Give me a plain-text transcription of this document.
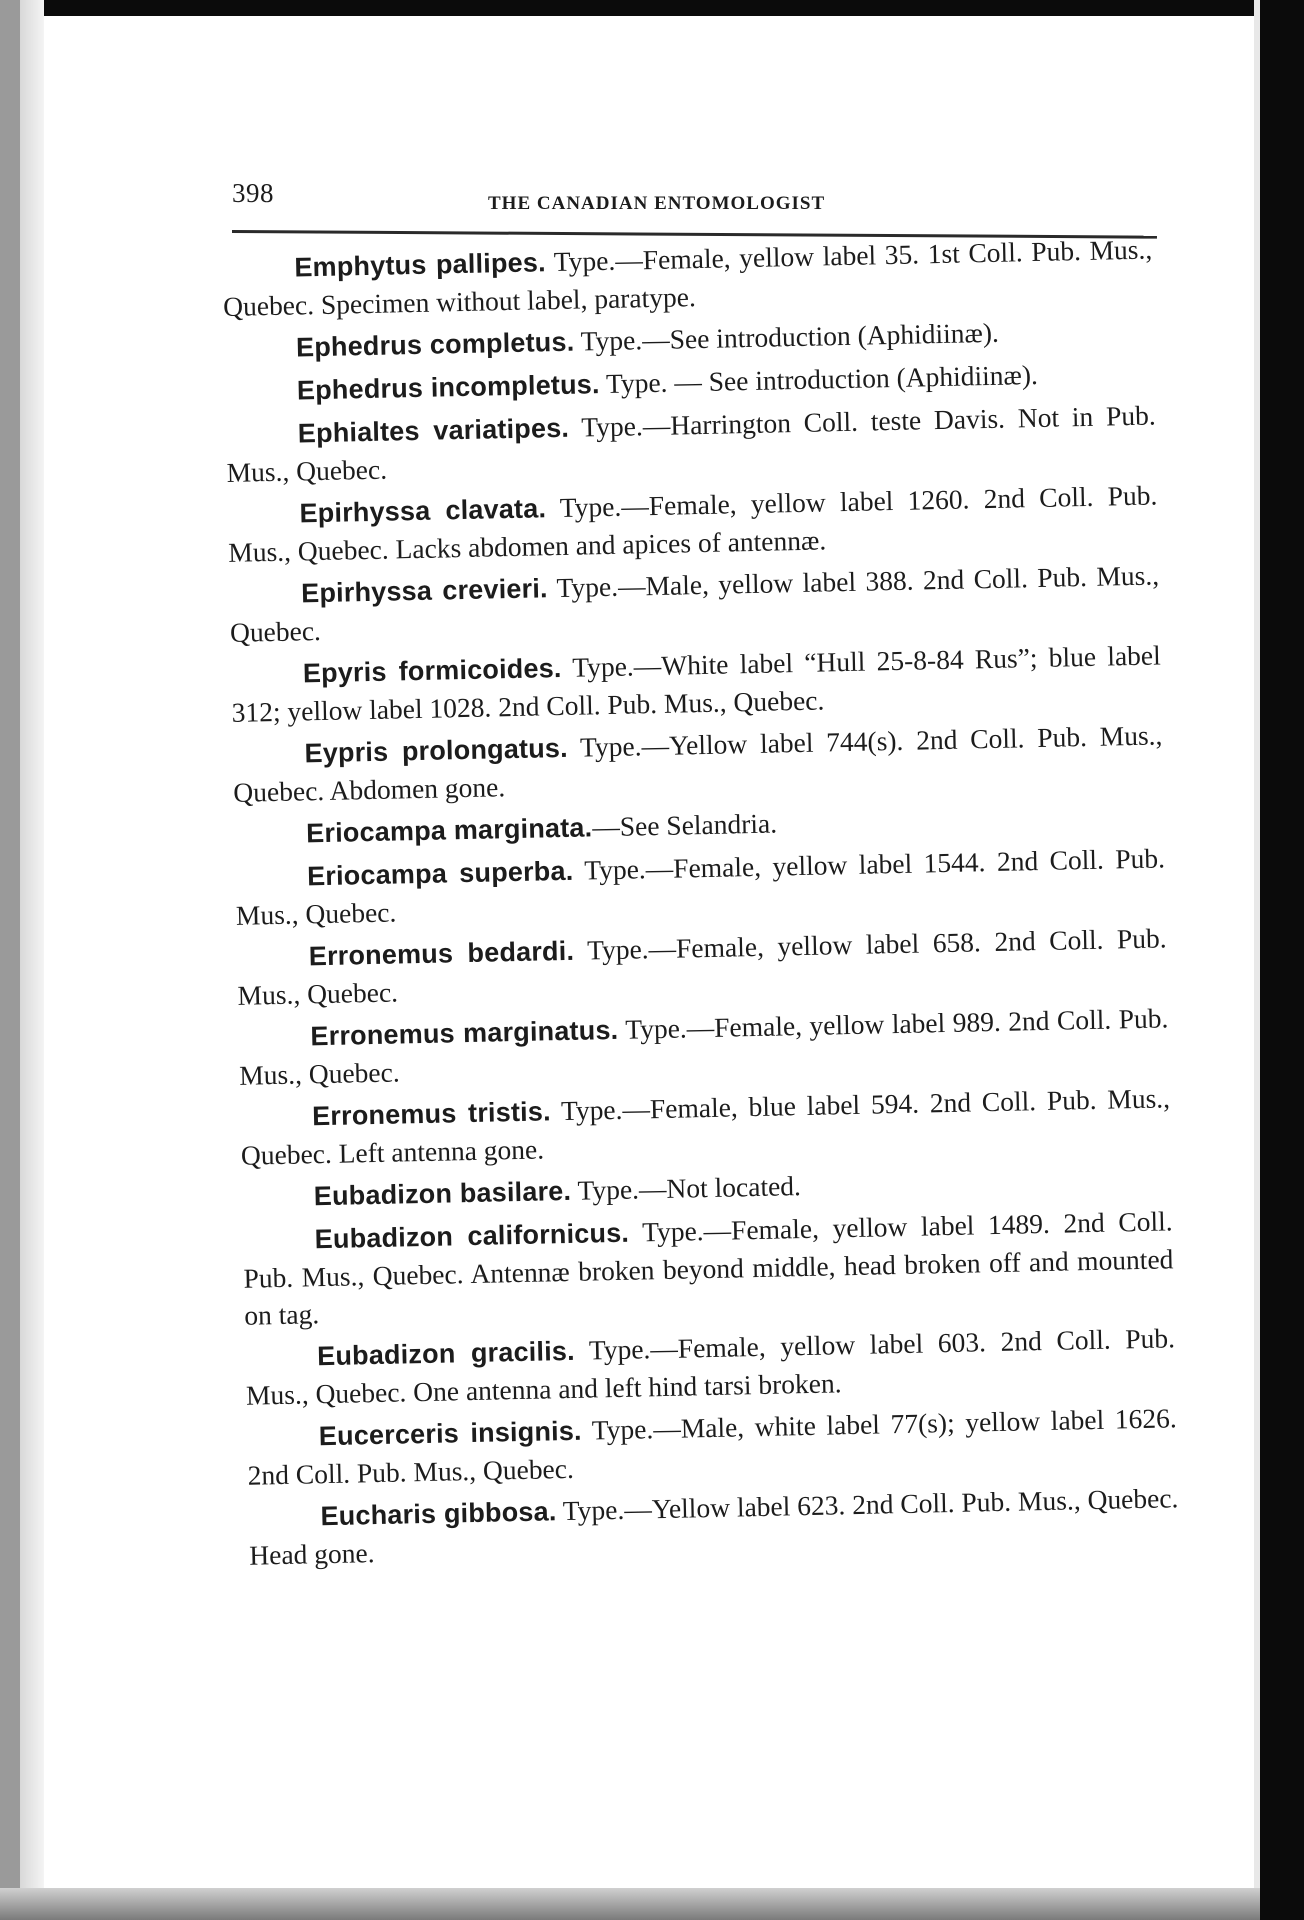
398	THE CANADIAN ENTOMOLOGIST

Emphytus pallipes. Type.—Female, yellow label 35. 1st Coll. Pub. Mus., Quebec. Specimen without label, paratype.

Ephedrus completus. Type.—See introduction (Aphidiinæ).

Ephedrus incompletus. Type. — See introduction (Aphidiinæ).

Ephialtes variatipes. Type.—Harrington Coll. teste Davis. Not in Pub. Mus., Quebec.

Epirhyssa clavata. Type.—Female, yellow label 1260. 2nd Coll. Pub. Mus., Quebec. Lacks abdomen and apices of antennæ.

Epirhyssa crevieri. Type.—Male, yellow label 388. 2nd Coll. Pub. Mus., Quebec.

Epyris formicoides. Type.—White label “Hull 25-8-84 Rus”; blue label 312; yellow label 1028. 2nd Coll. Pub. Mus., Quebec.

Eypris prolongatus. Type.—Yellow label 744(s). 2nd Coll. Pub. Mus., Quebec. Abdomen gone.

Eriocampa marginata.—See Selandria.

Eriocampa superba. Type.—Female, yellow label 1544. 2nd Coll. Pub. Mus., Quebec.

Erronemus bedardi. Type.—Female, yellow label 658. 2nd Coll. Pub. Mus., Quebec.

Erronemus marginatus. Type.—Female, yellow label 989. 2nd Coll. Pub. Mus., Quebec.

Erronemus tristis. Type.—Female, blue label 594. 2nd Coll. Pub. Mus., Quebec. Left antenna gone.

Eubadizon basilare. Type.—Not located.

Eubadizon californicus. Type.—Female, yellow label 1489. 2nd Coll. Pub. Mus., Quebec. Antennæ broken beyond middle, head broken off and mounted on tag.

Eubadizon gracilis. Type.—Female, yellow label 603. 2nd Coll. Pub. Mus., Quebec. One antenna and left hind tarsi broken.

Eucerceris insignis. Type.—Male, white label 77(s); yellow label 1626. 2nd Coll. Pub. Mus., Quebec.

Eucharis gibbosa. Type.—Yellow label 623. 2nd Coll. Pub. Mus., Quebec. Head gone.
